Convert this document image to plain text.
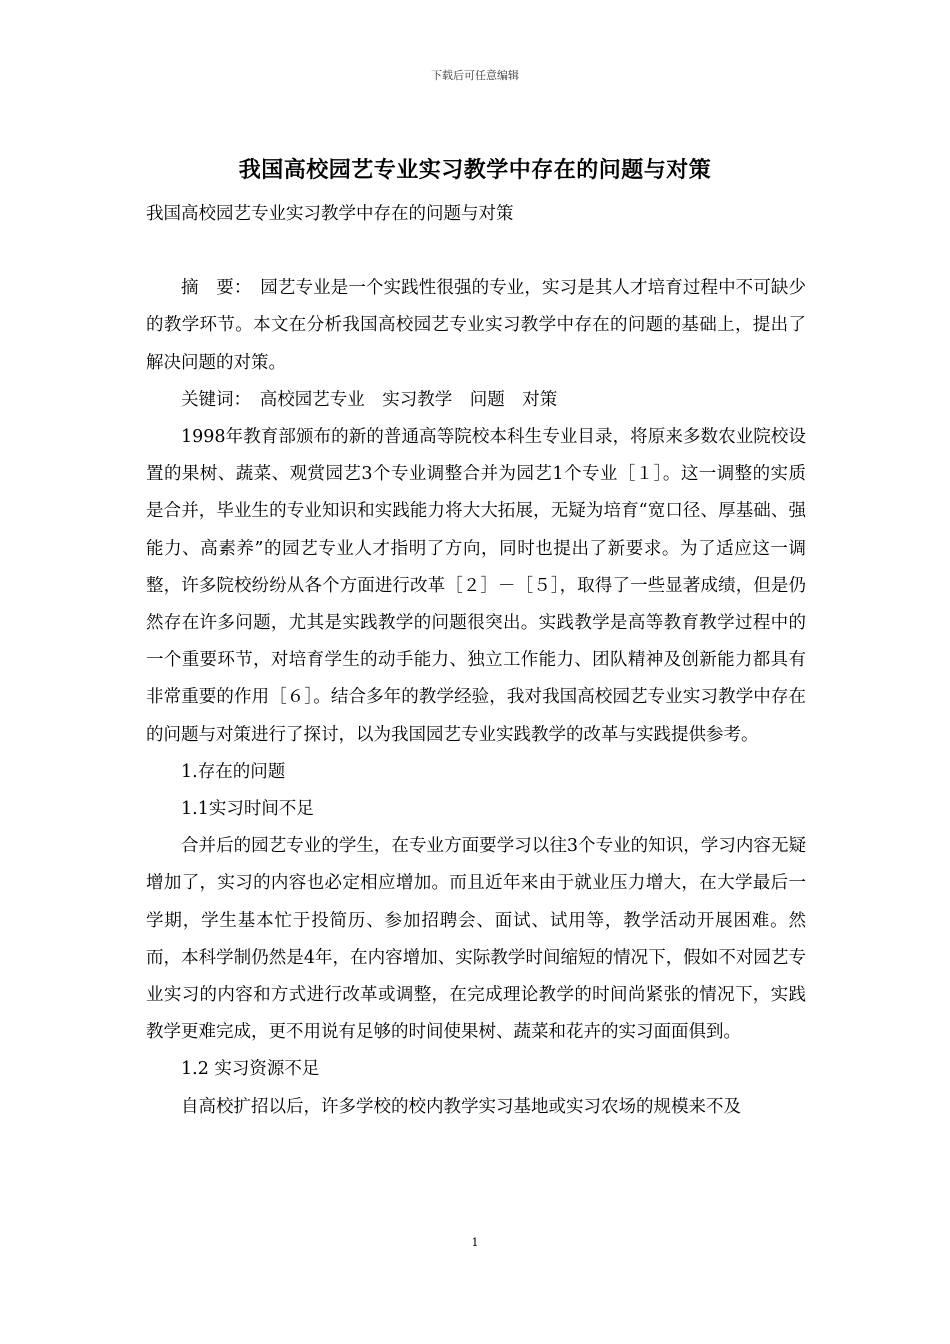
下载后可任意编辑
我国高校园艺专业实习教学中存在的问题与对策

我国高校园艺专业实习教学中存在的问题与对策

摘　要：　园艺专业是一个实践性很强的专业，实习是其人才培育过程中不可缺少的教学环节。本文在分析我国高校园艺专业实习教学中存在的问题的基础上，提出了解决问题的对策。

关键词：　高校园艺专业　实习教学　问题　对策

1998年教育部颁布的新的普通高等院校本科生专业目录，将原来多数农业院校设置的果树、蔬菜、观赏园艺3个专业调整合并为园艺1个专业［１］。这一调整的实质是合并，毕业生的专业知识和实践能力将大大拓展，无疑为培育“宽口径、厚基础、强能力、高素养”的园艺专业人才指明了方向，同时也提出了新要求。为了适应这一调整，许多院校纷纷从各个方面进行改革［２］－［５］，取得了一些显著成绩，但是仍然存在许多问题，尤其是实践教学的问题很突出。实践教学是高等教育教学过程中的一个重要环节，对培育学生的动手能力、独立工作能力、团队精神及创新能力都具有非常重要的作用［６］。结合多年的教学经验，我对我国高校园艺专业实习教学中存在的问题与对策进行了探讨，以为我国园艺专业实践教学的改革与实践提供参考。

1.存在的问题

1.1实习时间不足

合并后的园艺专业的学生，在专业方面要学习以往3个专业的知识，学习内容无疑增加了，实习的内容也必定相应增加。而且近年来由于就业压力增大，在大学最后一学期，学生基本忙于投简历、参加招聘会、面试、试用等，教学活动开展困难。然而，本科学制仍然是4年，在内容增加、实际教学时间缩短的情况下，假如不对园艺专业实习的内容和方式进行改革或调整，在完成理论教学的时间尚紧张的情况下，实践教学更难完成，更不用说有足够的时间使果树、蔬菜和花卉的实习面面俱到。

1.2 实习资源不足

自高校扩招以后，许多学校的校内教学实习基地或实习农场的规模来不及

1
